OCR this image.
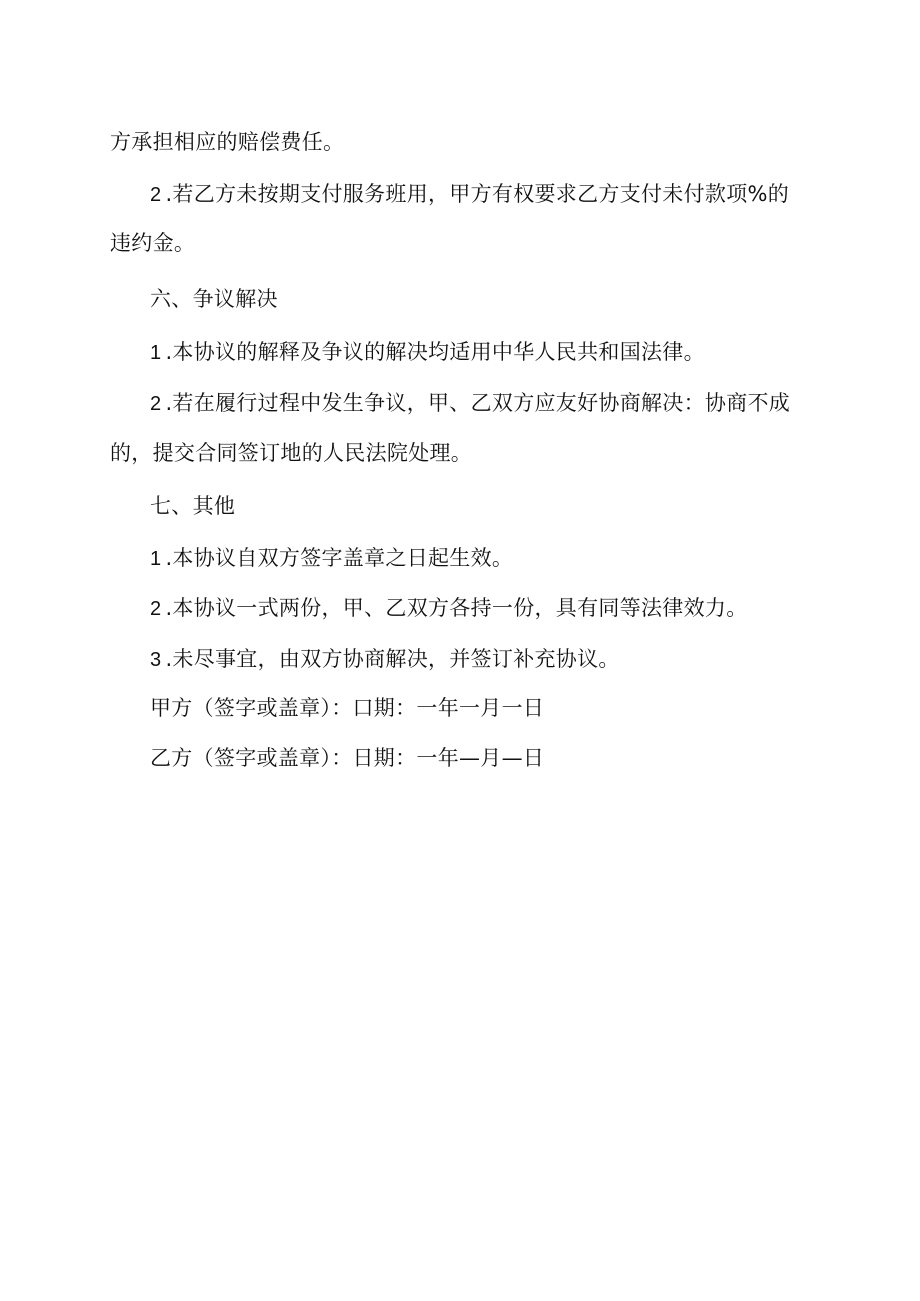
方承担相应的赔偿费任。
2 .若乙方未按期支付服务班用，甲方有权要求乙方支付未付款项%的
违约金。
六、争议解决
1 .本协议的解释及争议的解决均适用中华人民共和国法律。
2 .若在履行过程中发生争议，甲、乙双方应友好协商解决：协商不成
的，提交合同签订地的人民法院处理。
七、其他
1 .本协议自双方签字盖章之日起生效。
2 .本协议一式两份，甲、乙双方各持一份，具有同等法律效力。
3 .未尽事宜，由双方协商解决，并签订补充协议。
甲方（签字或盖章）：口期：一年一月一日
乙方（签字或盖章）：日期：一年—月—日
